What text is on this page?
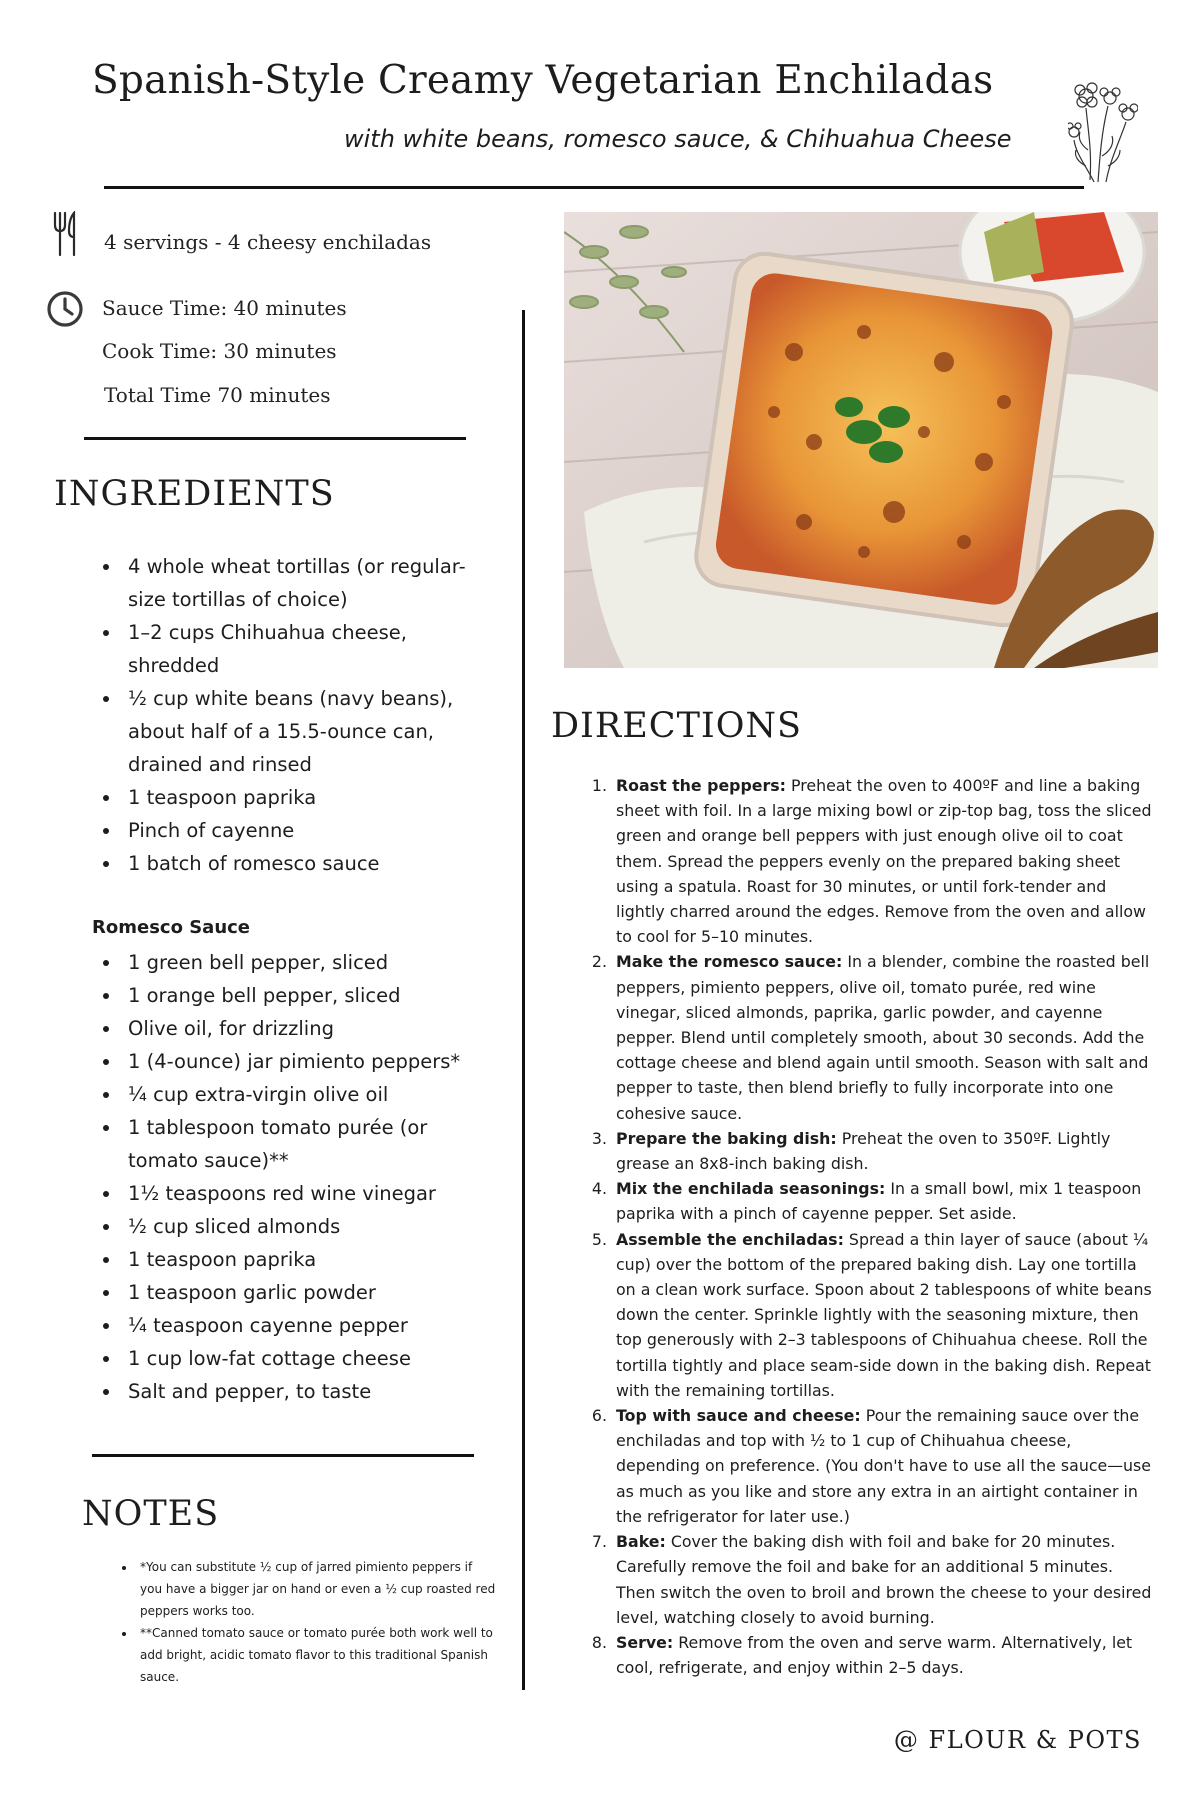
Spanish-Style Creamy Vegetarian Enchiladas

with white beans, romesco sauce, & Chihuahua Cheese

4 servings - 4 cheesy enchiladas
Sauce Time: 40 minutes
Cook Time: 30 minutes
Total Time 70 minutes
INGREDIENTS
• 4 whole wheat tortillas (or regular-size tortillas of choice)
• 1–2 cups Chihuahua cheese, shredded
• ½ cup white beans (navy beans), about half of a 15.5-ounce can, drained and rinsed
• 1 teaspoon paprika
• Pinch of cayenne
• 1 batch of romesco sauce

Romesco Sauce

• 1 green bell pepper, sliced
• 1 orange bell pepper, sliced
• Olive oil, for drizzling
• 1 (4-ounce) jar pimiento peppers*
• ¼ cup extra-virgin olive oil
• 1 tablespoon tomato purée (or tomato sauce)**
• 1½ teaspoons red wine vinegar
• ½ cup sliced almonds
• 1 teaspoon paprika
• 1 teaspoon garlic powder
• ¼ teaspoon cayenne pepper
• 1 cup low-fat cottage cheese
• Salt and pepper, to taste
NOTES
• *You can substitute ½ cup of jarred pimiento peppers if you have a bigger jar on hand or even a ½ cup roasted red peppers works too.
• **Canned tomato sauce or tomato purée both work well to add bright, acidic tomato flavor to this traditional Spanish sauce.
DIRECTIONS
1. Roast the peppers: Preheat the oven to 400ºF and line a baking sheet with foil. In a large mixing bowl or zip-top bag, toss the sliced green and orange bell peppers with just enough olive oil to coat them. Spread the peppers evenly on the prepared baking sheet using a spatula. Roast for 30 minutes, or until fork-tender and lightly charred around the edges. Remove from the oven and allow to cool for 5–10 minutes.
2. Make the romesco sauce: In a blender, combine the roasted bell peppers, pimiento peppers, olive oil, tomato purée, red wine vinegar, sliced almonds, paprika, garlic powder, and cayenne pepper. Blend until completely smooth, about 30 seconds. Add the cottage cheese and blend again until smooth. Season with salt and pepper to taste, then blend briefly to fully incorporate into one cohesive sauce.
3. Prepare the baking dish: Preheat the oven to 350ºF. Lightly grease an 8x8-inch baking dish.
4. Mix the enchilada seasonings: In a small bowl, mix 1 teaspoon paprika with a pinch of cayenne pepper. Set aside.
5. Assemble the enchiladas: Spread a thin layer of sauce (about ¼ cup) over the bottom of the prepared baking dish. Lay one tortilla on a clean work surface. Spoon about 2 tablespoons of white beans down the center. Sprinkle lightly with the seasoning mixture, then top generously with 2–3 tablespoons of Chihuahua cheese. Roll the tortilla tightly and place seam-side down in the baking dish. Repeat with the remaining tortillas.
6. Top with sauce and cheese: Pour the remaining sauce over the enchiladas and top with ½ to 1 cup of Chihuahua cheese, depending on preference. (You don't have to use all the sauce—use as much as you like and store any extra in an airtight container in the refrigerator for later use.)
7. Bake: Cover the baking dish with foil and bake for 20 minutes. Carefully remove the foil and bake for an additional 5 minutes. Then switch the oven to broil and brown the cheese to your desired level, watching closely to avoid burning.
8. Serve: Remove from the oven and serve warm. Alternatively, let cool, refrigerate, and enjoy within 2–5 days.
@ FLOUR & POTS
